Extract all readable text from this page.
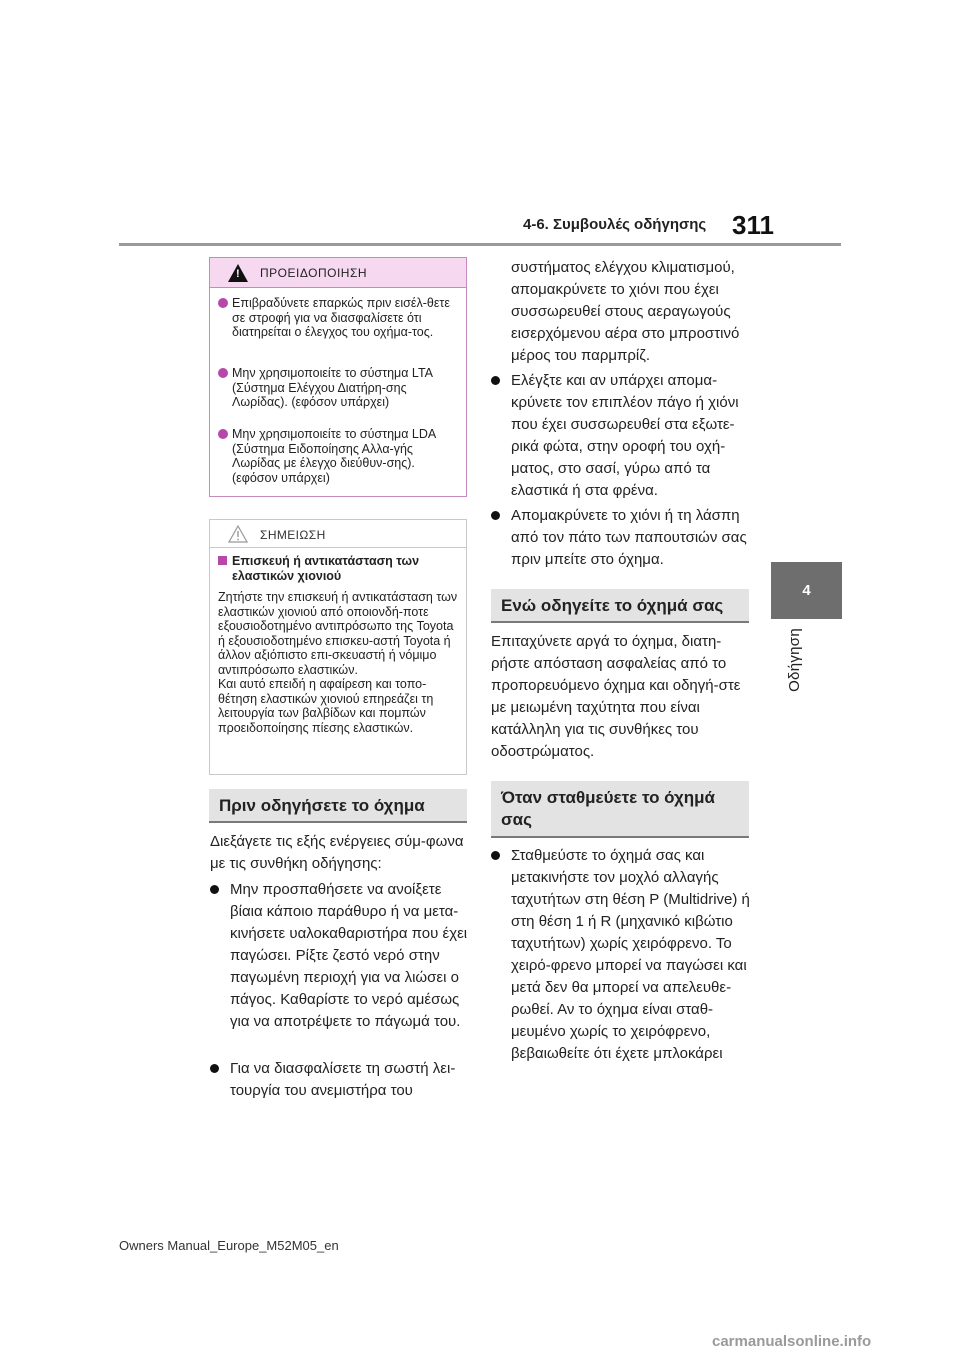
4-6. Συμβουλές οδήγησης 311
4
Οδήγηση
!
ΠΡΟΕΙΔΟΠΟΙΗΣΗ
Επιβραδύνετε επαρκώς πριν εισέλ-θετε σε στροφή για να διασφαλίσετε ότι διατηρείται ο έλεγχος του οχήμα-τος.
Μην χρησιμοποιείτε το σύστημα LTA (Σύστημα Ελέγχου Διατήρη-σης Λωρίδας). (εφόσον υπάρχει)
Μην χρησιμοποιείτε το σύστημα LDA (Σύστημα Ειδοποίησης Αλλα-γής Λωρίδας με έλεγχο διεύθυν-σης). (εφόσον υπάρχει)
ΣΗΜΕΙΩΣΗ
Επισκευή ή αντικατάσταση των ελαστικών χιονιού
Ζητήστε την επισκευή ή αντικατάσταση των ελαστικών χιονιού από οποιονδή-ποτε εξουσιοδοτημένο αντιπρόσωπο της Toyota ή εξουσιοδοτημένο επισκευ-αστή Toyota ή άλλον αξιόπιστο επι-σκευαστή ή νόμιμο αντιπρόσωπο ελαστικών.
Και αυτό επειδή η αφαίρεση και τοπο-θέτηση ελαστικών χιονιού επηρεάζει τη λειτουργία των βαλβίδων και πομπών προειδοποίησης πίεσης ελαστικών.
Πριν οδηγήσετε το όχημα
Διεξάγετε τις εξής ενέργειες σύμ-φωνα με τις συνθήκη οδήγησης:
Μην προσπαθήσετε να ανοίξετε βίαια κάποιο παράθυρο ή να μετα-κινήσετε υαλοκαθαριστήρα που έχει παγώσει. Ρίξτε ζεστό νερό στην παγωμένη περιοχή για να λιώσει ο πάγος. Καθαρίστε το νερό αμέσως για να αποτρέψετε το πάγωμά του.
Για να διασφαλίσετε τη σωστή λει-τουργία του ανεμιστήρα του
συστήματος ελέγχου κλιματισμού, απομακρύνετε το χιόνι που έχει συσσωρευθεί στους αεραγωγούς εισερχόμενου αέρα στο μπροστινό μέρος του παρμπρίζ.
Ελέγξτε και αν υπάρχει απομα-κρύνετε τον επιπλέον πάγο ή χιόνι που έχει συσσωρευθεί στα εξωτε-ρικά φώτα, στην οροφή του οχή-ματος, στο σασί, γύρω από τα ελαστικά ή στα φρένα.
Απομακρύνετε το χιόνι ή τη λάσπη από τον πάτο των παπουτσιών σας πριν μπείτε στο όχημα.
Ενώ οδηγείτε το όχημά σας
Επιταχύνετε αργά το όχημα, διατη-ρήστε απόσταση ασφαλείας από το προπορευόμενο όχημα και οδηγή-στε με μειωμένη ταχύτητα που είναι κατάλληλη για τις συνθήκες του οδοστρώματος.
Όταν σταθμεύετε το όχημά σας
Σταθμεύστε το όχημά σας και μετακινήστε τον μοχλό αλλαγής ταχυτήτων στη θέση P (Multidrive) ή στη θέση 1 ή R (μηχανικό κιβώτιο ταχυτήτων) χωρίς χειρόφρενο. Το χειρό-φρενο μπορεί να παγώσει και μετά δεν θα μπορεί να απελευθε-ρωθεί. Αν το όχημα είναι σταθ-μευμένο χωρίς το χειρόφρενο, βεβαιωθείτε ότι έχετε μπλοκάρει
Owners Manual_Europe_M52M05_en
carmanualsonline.info
